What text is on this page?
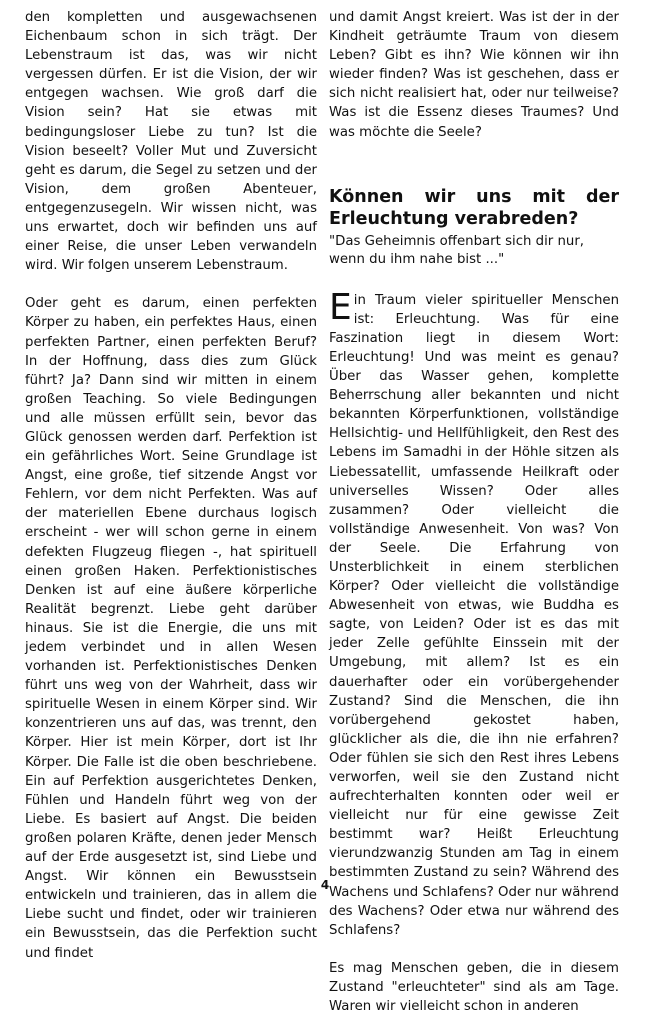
den kompletten und ausgewachsenen Eichenbaum schon in sich trägt. Der Lebenstraum ist das, was wir nicht vergessen dürfen. Er ist die Vision, der wir entgegen wachsen. Wie groß darf die Vision sein? Hat sie etwas mit bedingungsloser Liebe zu tun? Ist die Vision beseelt? Voller Mut und Zuversicht geht es darum, die Segel zu setzen und der Vision, dem großen Abenteuer, entgegenzusegeln. Wir wissen nicht, was uns erwartet, doch wir befinden uns auf einer Reise, die unser Leben verwandeln wird. Wir folgen unserem Lebenstraum.

Oder geht es darum, einen perfekten Körper zu haben, ein perfektes Haus, einen perfekten Partner, einen perfekten Beruf? In der Hoffnung, dass dies zum Glück führt? Ja? Dann sind wir mitten in einem großen Teaching. So viele Bedingungen und alle müssen erfüllt sein, bevor das Glück genossen werden darf. Perfektion ist ein gefährliches Wort. Seine Grundlage ist Angst, eine große, tief sitzende Angst vor Fehlern, vor dem nicht Perfekten. Was auf der materiellen Ebene durchaus logisch erscheint - wer will schon gerne in einem defekten Flugzeug fliegen -, hat spirituell einen großen Haken. Perfektionistisches Denken ist auf eine äußere körperliche Realität begrenzt. Liebe geht darüber hinaus. Sie ist die Energie, die uns mit jedem verbindet und in allen Wesen vorhanden ist. Perfektionistisches Denken führt uns weg von der Wahrheit, dass wir spirituelle Wesen in einem Körper sind. Wir konzentrieren uns auf das, was trennt, den Körper. Hier ist mein Körper, dort ist Ihr Körper. Die Falle ist die oben beschriebene. Ein auf Perfektion ausgerichtetes Denken, Fühlen und Handeln führt weg von der Liebe. Es basiert auf Angst. Die beiden großen polaren Kräfte, denen jeder Mensch auf der Erde ausgesetzt ist, sind Liebe und Angst. Wir können ein Bewusstsein entwickeln und trainieren, das in allem die Liebe sucht und findet, oder wir trainieren ein Bewusstsein, das die Perfektion sucht und findet

und damit Angst kreiert. Was ist der in der Kindheit geträumte Traum von diesem Leben? Gibt es ihn? Wie können wir ihn wieder finden? Was ist geschehen, dass er sich nicht realisiert hat, oder nur teilweise? Was ist die Essenz dieses Traumes? Und was möchte die Seele?

Können wir uns mit der Erleuchtung verabreden?

"Das Geheimnis offenbart sich dir nur, wenn du ihm nahe bist ..."

Ein Traum vieler spiritueller Menschen ist: Erleuchtung. Was für eine Faszination liegt in diesem Wort: Erleuchtung! Und was meint es genau? Über das Wasser gehen, komplette Beherrschung aller bekannten und nicht bekannten Körperfunktionen, vollständige Hellsichtig- und Hellfühligkeit, den Rest des Lebens im Samadhi in der Höhle sitzen als Liebessatellit, umfassende Heilkraft oder universelles Wissen? Oder alles zusammen? Oder vielleicht die vollständige Anwesenheit. Von was? Von der Seele. Die Erfahrung von Unsterblichkeit in einem sterblichen Körper? Oder vielleicht die vollständige Abwesenheit von etwas, wie Buddha es sagte, von Leiden? Oder ist es das mit jeder Zelle gefühlte Einssein mit der Umgebung, mit allem? Ist es ein dauerhafter oder ein vorübergehender Zustand? Sind die Menschen, die ihn vorübergehend gekostet haben, glücklicher als die, die ihn nie erfahren? Oder fühlen sie sich den Rest ihres Lebens verworfen, weil sie den Zustand nicht aufrechterhalten konnten oder weil er vielleicht nur für eine gewisse Zeit bestimmt war? Heißt Erleuchtung vierundzwanzig Stunden am Tag in einem bestimmten Zustand zu sein? Während des Wachens und Schlafens? Oder nur während des Wachens? Oder etwa nur während des Schlafens?

Es mag Menschen geben, die in diesem Zustand "erleuchteter" sind als am Tage. Waren wir vielleicht schon in anderen

4
